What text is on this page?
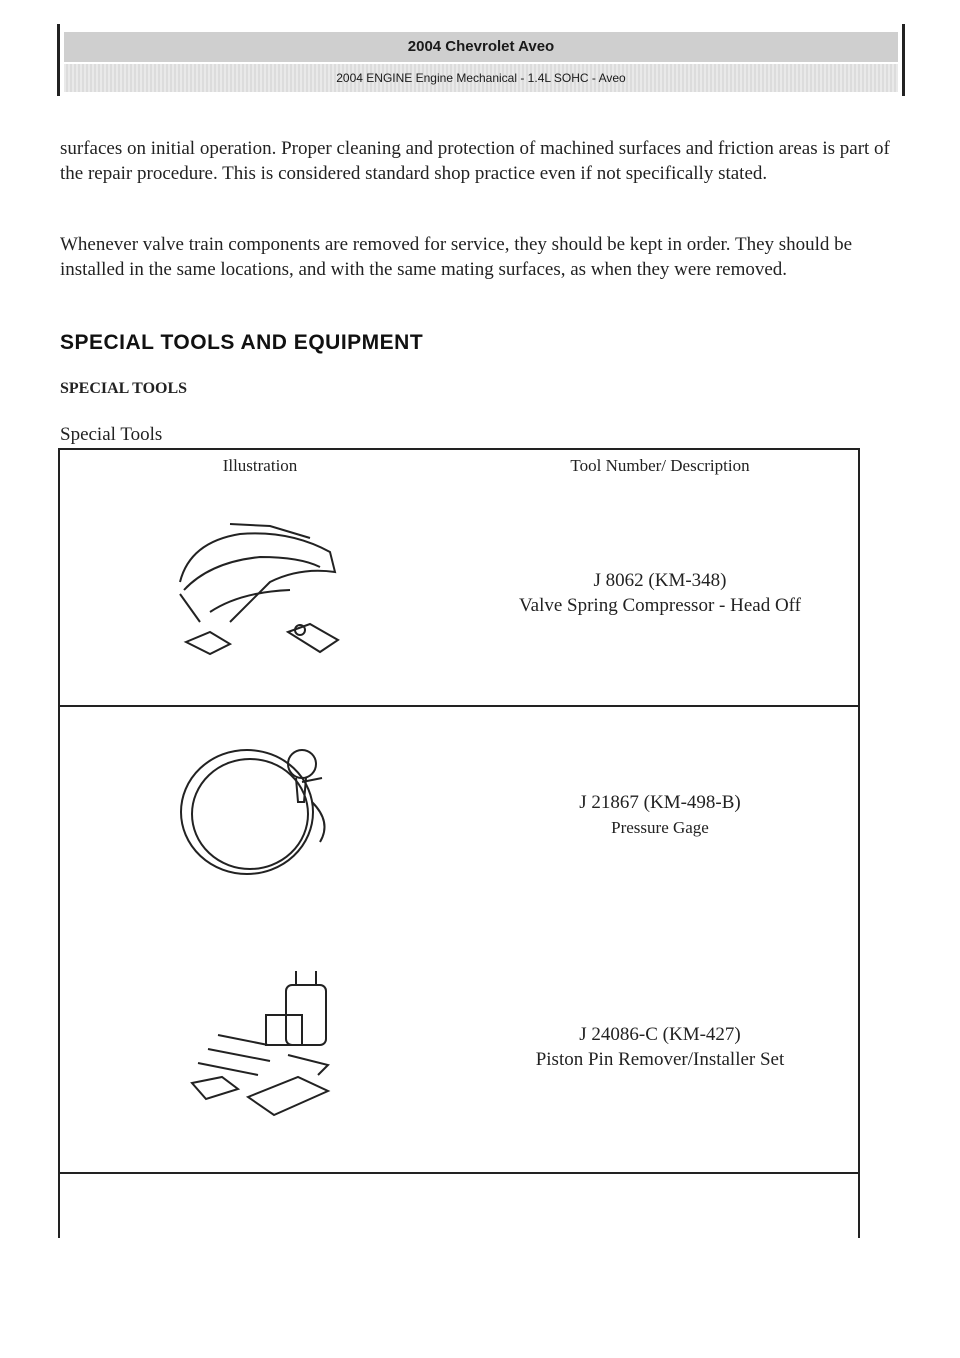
2004 Chevrolet Aveo
2004 ENGINE Engine Mechanical - 1.4L SOHC - Aveo
surfaces on initial operation. Proper cleaning and protection of machined surfaces and friction areas is part of the repair procedure. This is considered standard shop practice even if not specifically stated.
Whenever valve train components are removed for service, they should be kept in order. They should be installed in the same locations, and with the same mating surfaces, as when they were removed.
SPECIAL TOOLS AND EQUIPMENT
SPECIAL TOOLS
Special Tools
Illustration	Tool Number/ Description
J 8062 (KM-348)
Valve Spring Compressor - Head Off
J 21867 (KM-498-B)
Pressure Gage
J 24086-C (KM-427)
Piston Pin Remover/Installer Set
